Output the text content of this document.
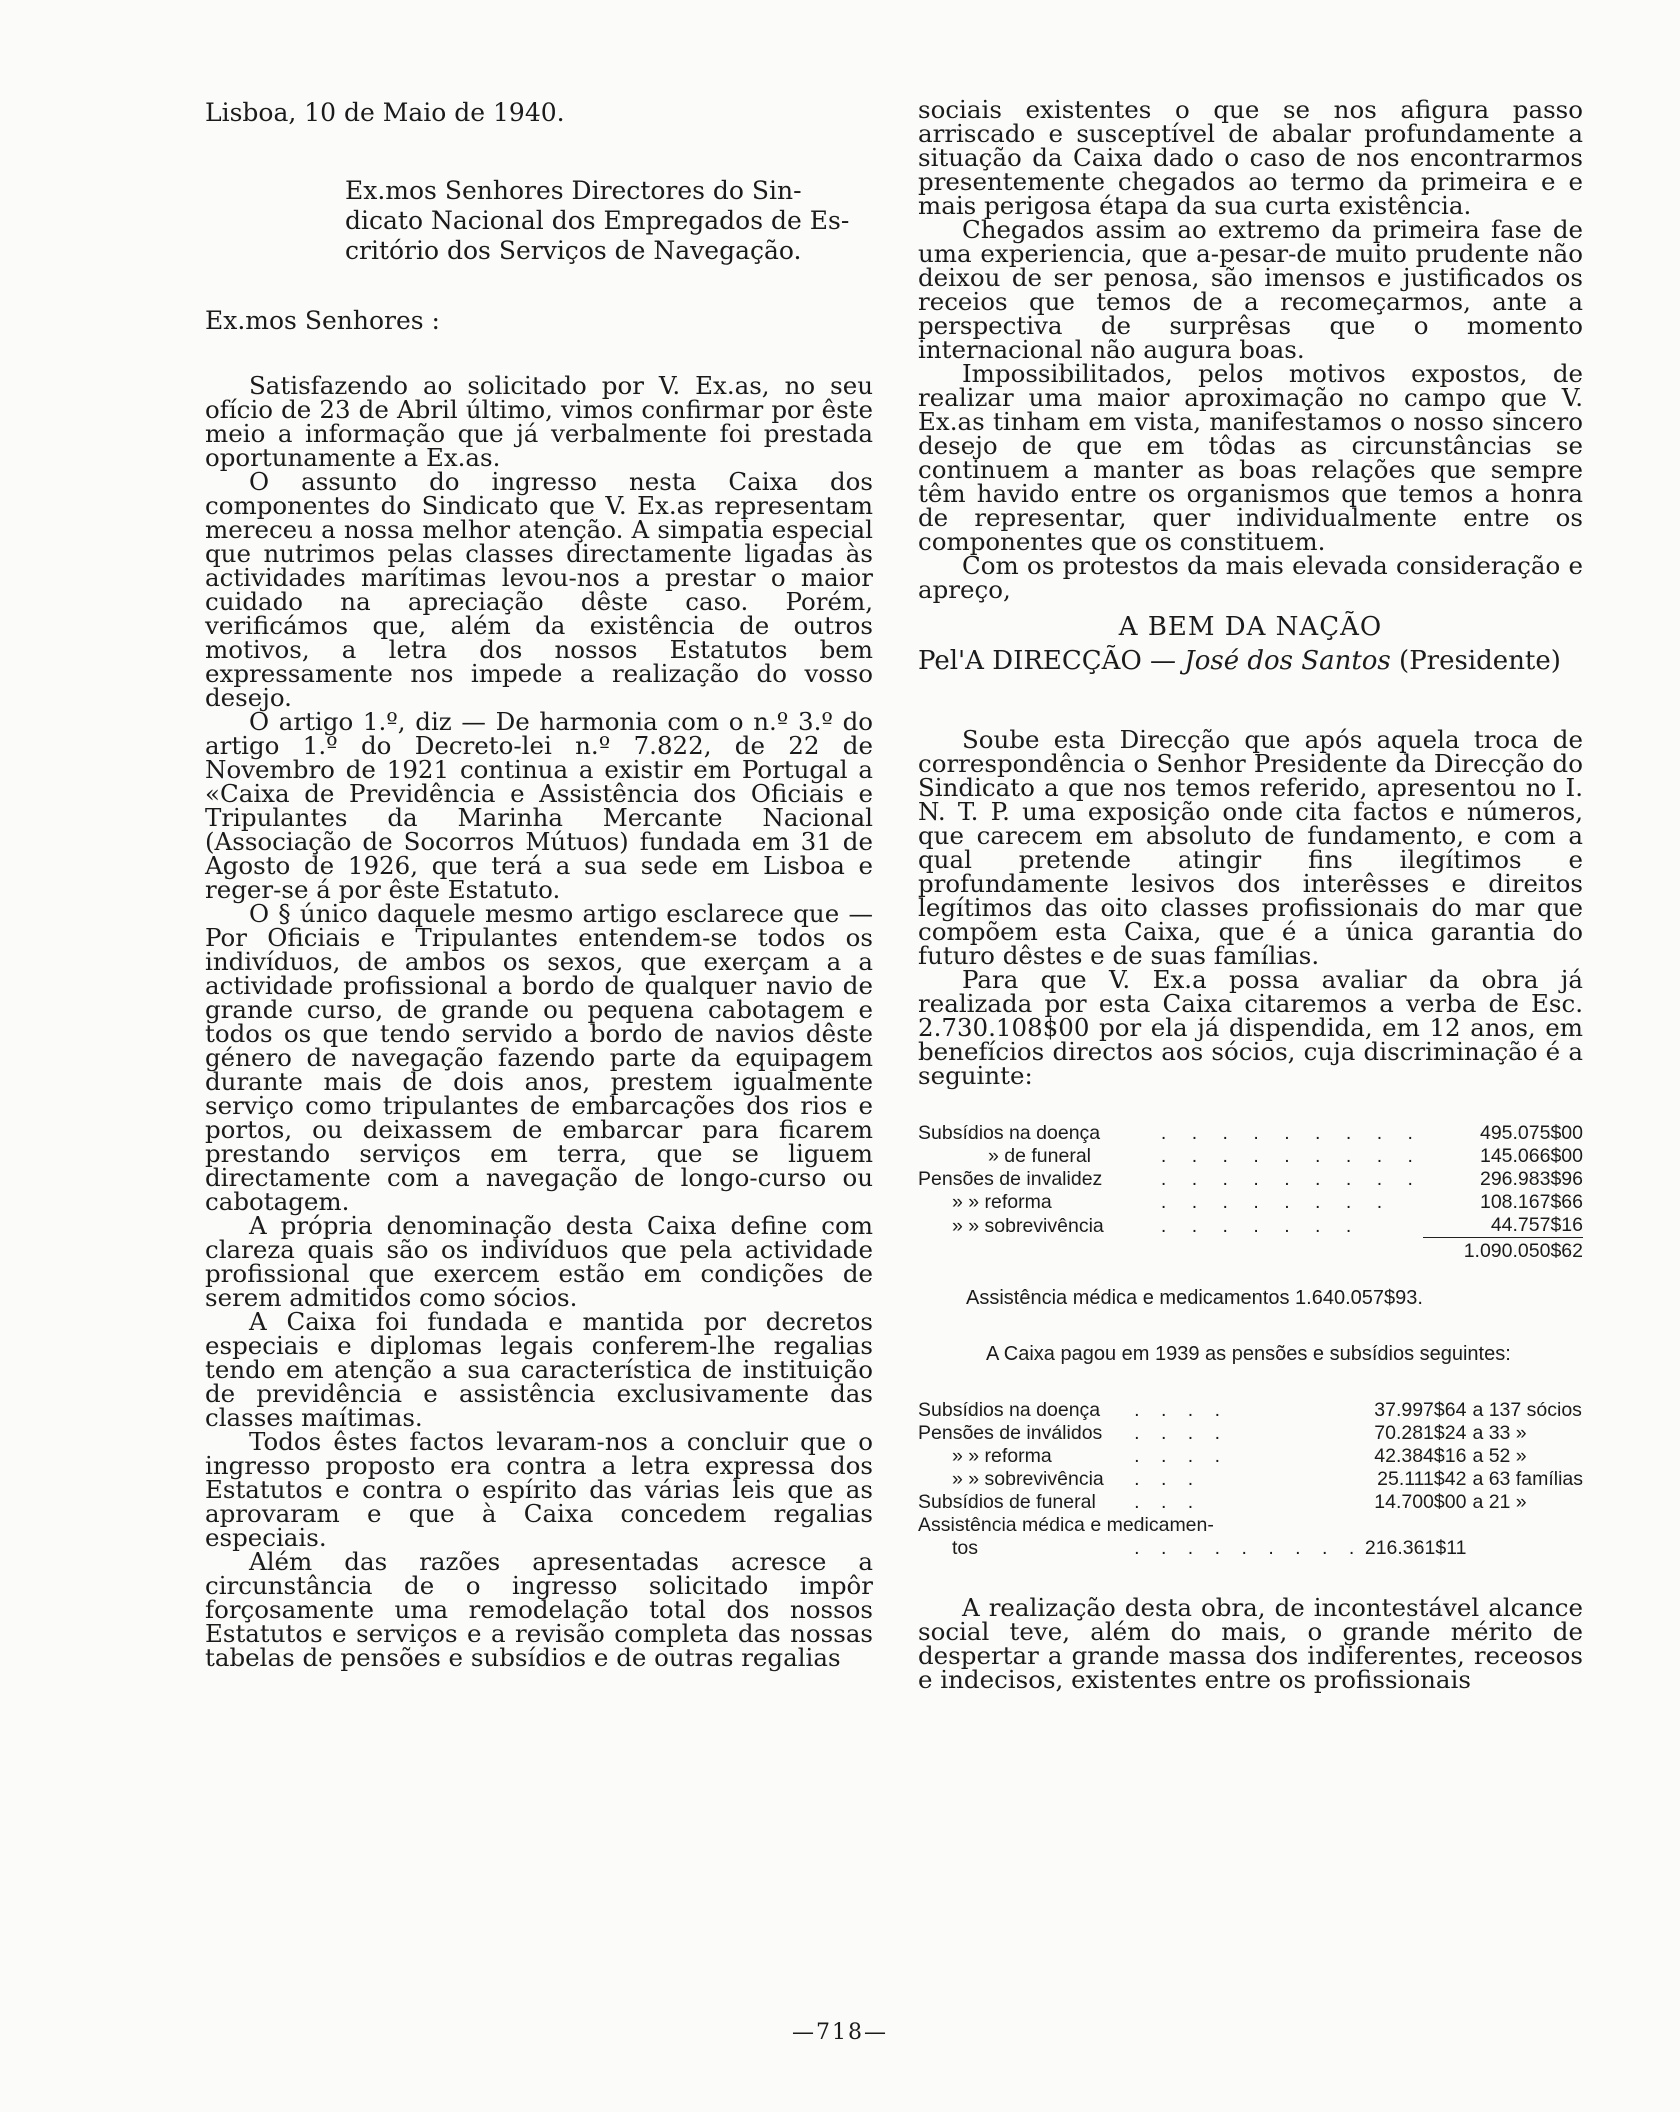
Lisboa, 10 de Maio de 1940.
Ex.mos Senhores Directores do Sin-
dicato Nacional dos Empregados de Es-
critório dos Serviços de Navegação.
Ex.mos Senhores :

Satisfazendo ao solicitado por V. Ex.as, no seu ofício de 23 de Abril último, vimos confirmar por êste meio a informação que já verbalmente foi prestada oportunamente a Ex.as.

O assunto do ingresso nesta Caixa dos componentes do Sindicato que V. Ex.as representam mereceu a nossa melhor atenção. A simpatia especial que nutrimos pelas classes directamente ligadas às actividades marítimas levou-nos a prestar o maior cuidado na apreciação dêste caso. Porém, verificámos que, além da existência de outros motivos, a letra dos nossos Estatutos bem expressamente nos impede a realização do vosso desejo.

O artigo 1.º, diz — De harmonia com o n.º 3.º do artigo 1.º do Decreto-lei n.º 7.822, de 22 de Novembro de 1921 continua a existir em Portugal a «Caixa de Previdência e Assistência dos Oficiais e Tripulantes da Marinha Mercante Nacional (Associação de Socorros Mútuos) fundada em 31 de Agosto de 1926, que terá a sua sede em Lisboa e reger-se á por êste Estatuto.

O § único daquele mesmo artigo esclarece que — Por Oficiais e Tripulantes entendem-se todos os indivíduos, de ambos os sexos, que exerçam a a actividade profissional a bordo de qualquer navio de grande curso, de grande ou pequena cabotagem e todos os que tendo servido a bordo de navios dêste género de navegação fazendo parte da equipagem durante mais de dois anos, prestem igualmente serviço como tripulantes de embarcações dos rios e portos, ou deixassem de embarcar para ficarem prestando serviços em terra, que se liguem directamente com a navegação de longo-curso ou cabotagem.

A própria denominação desta Caixa define com clareza quais são os indivíduos que pela actividade profissional que exercem estão em condições de serem admitidos como sócios.

A Caixa foi fundada e mantida por decretos especiais e diplomas legais conferem-lhe regalias tendo em atenção a sua característica de instituição de previdência e assistência exclusivamente das classes maítimas.

Todos êstes factos levaram-nos a concluir que o ingresso proposto era contra a letra expressa dos Estatutos e contra o espírito das várias leis que as aprovaram e que à Caixa concedem regalias especiais.

Além das razões apresentadas acresce a circunstância de o ingresso solicitado impôr forçosamente uma remodelação total dos nossos Estatutos e serviços e a revisão completa das nossas tabelas de pensões e subsídios e de outras regalias

sociais existentes o que se nos afigura passo arriscado e susceptível de abalar profundamente a situação da Caixa dado o caso de nos encontrarmos presentemente chegados ao termo da primeira e e mais perigosa étapa da sua curta existência.

Chegados assim ao extremo da primeira fase de uma experiencia, que a-pesar-de muito prudente não deixou de ser penosa, são imensos e justificados os receios que temos de a recomeçarmos, ante a perspectiva de surprêsas que o momento internacional não augura boas.

Impossibilitados, pelos motivos expostos, de realizar uma maior aproximação no campo que V. Ex.as tinham em vista, manifestamos o nosso sincero desejo de que em tôdas as circunstâncias se continuem a manter as boas relações que sempre têm havido entre os organismos que temos a honra de representar, quer individualmente entre os componentes que os constituem.

Com os protestos da mais elevada consideração e apreço,

A BEM DA NAÇÃO
Pel'A DIRECÇÃO — José dos Santos (Presidente)

Soube esta Direcção que após aquela troca de correspondência o Senhor Presidente da Direcção do Sindicato a que nos temos referido, apresentou no I. N. T. P. uma exposição onde cita factos e números, que carecem em absoluto de fundamento, e com a qual pretende atingir fins ilegítimos e profundamente lesivos dos interêsses e direitos legítimos das oito classes profissionais do mar que compõem esta Caixa, que é a única garantia do futuro dêstes e de suas famílias.

Para que V. Ex.a possa avaliar da obra já realizada por esta Caixa citaremos a verba de Esc. 2.730.108$00 por ela já dispendida, em 12 anos, em benefícios directos aos sócios, cuja discriminação é a seguinte:

Subsídios na doença	. . . . . . . . .	495.075$00
» de funeral	. . . . . . . . .	145.066$00
Pensões de invalidez	. . . . . . . . .	296.983$96
» » reforma	. . . . . . . .	108.167$66
» » sobrevivência	. . . . . . .	44.757$16
		1.090.050$62
Assistência médica e medicamentos 1.640.057$93.
A Caixa pagou em 1939 as pensões e subsídios seguintes:
Subsídios na doença	. . . .	37.997$64	a 137 sócios
Pensões de inválidos	. . . .	70.281$24	a 33 »
» » reforma	. . . .	42.384$16	a 52 »
» » sobrevivência	. . .	25.111$42	a 63 famílias
Subsídios de funeral	. . .	14.700$00	a 21 »
Assistência médica e medicamen-			
tos	. . . . . . . . .	216.361$11	

A realização desta obra, de incontestável alcance social teve, além do mais, o grande mérito de despertar a grande massa dos indiferentes, receosos e indecisos, existentes entre os profissionais

—718—
